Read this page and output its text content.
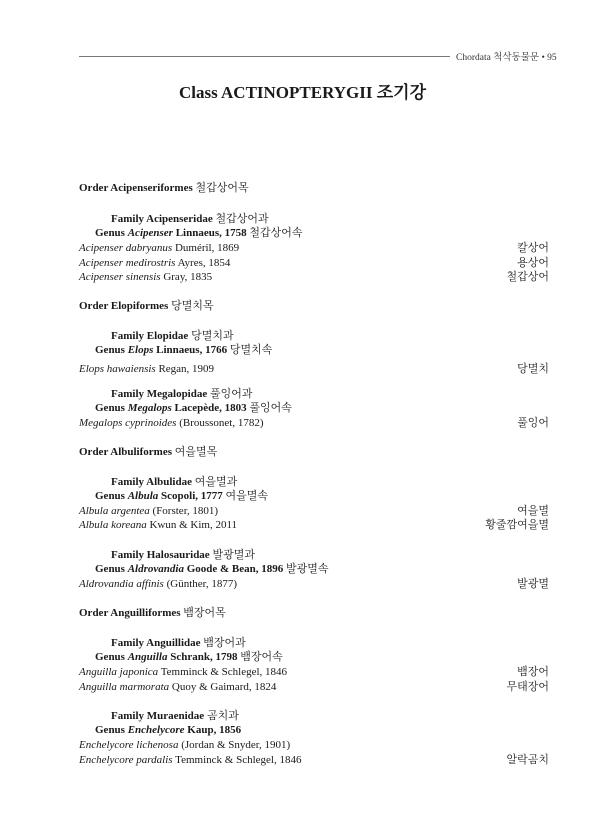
Chordata 척삭동물문 • 95
Class ACTINOPTERYGII 조기강
Order Acipenseriformes 철갑상어목
Family Acipenseridae 철갑상어과
Genus Acipenser Linnaeus, 1758 철갑상어속
Acipenser dabryanus Duméril, 1869	칼상어
Acipenser medirostris Ayres, 1854	용상어
Acipenser sinensis Gray, 1835	철갑상어
Order Elopiformes 당멸치목
Family Elopidae 당멸치과
Genus Elops Linnaeus, 1766 당멸치속
Elops hawaiensis Regan, 1909	당멸치
Family Megalopidae 풀잉어과
Genus Megalops Lacepède, 1803 풀잉어속
Megalops cyprinoides (Broussonet, 1782)	풀잉어
Order Albuliformes 여을멸목
Family Albulidae 여을멸과
Genus Albula Scopoli, 1777 여을멸속
Albula argentea (Forster, 1801)	여을멸
Albula koreana Kwun & Kim, 2011	황줄깜여을멸
Family Halosauridae 발광멸과
Genus Aldrovandia Goode & Bean, 1896 발광멸속
Aldrovandia affinis (Günther, 1877)	발광멸
Order Anguilliformes 뱀장어목
Family Anguillidae 뱀장어과
Genus Anguilla Schrank, 1798 뱀장어속
Anguilla japonica Temminck & Schlegel, 1846	뱀장어
Anguilla marmorata Quoy & Gaimard, 1824	무태장어
Family Muraenidae 곰치과
Genus Enchelycore Kaup, 1856
Enchelycore lichenosa (Jordan & Snyder, 1901)
Enchelycore pardalis Temminck & Schlegel, 1846	알락곰치
